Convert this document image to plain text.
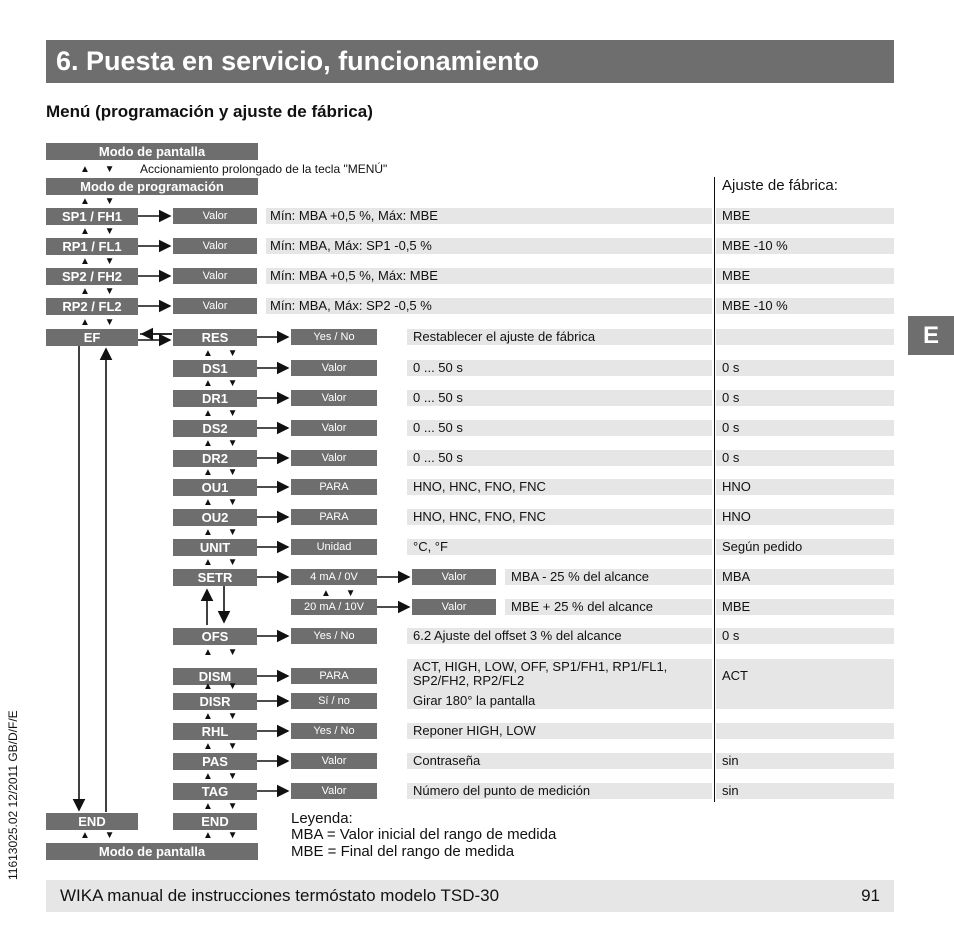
6. Puesta en servicio, funcionamiento
E
Menú (programación y ajuste de fábrica)
Modo de pantalla
▲ ▼ Accionamiento prolongado de la tecla "MENÚ"
Modo de programación	Ajuste de fábrica:
▲ ▼
SP1 / FH1	Valor	Mín: MBA +0,5 %, Máx: MBE	MBE
▲ ▼
RP1 / FL1	Valor	Mín: MBA, Máx: SP1 -0,5 %	MBE -10 %
▲ ▼
SP2 / FH2	Valor	Mín: MBA +0,5 %, Máx: MBE	MBE
▲ ▼
RP2 / FL2	Valor	Mín: MBA, Máx: SP2 -0,5 %	MBE -10 %
▲ ▼
EF	RES	Yes / No	Restablecer el ajuste de fábrica
▲ ▼
DS1	Valor	0 ... 50 s	0 s
▲ ▼
DR1	Valor	0 ... 50 s	0 s
▲ ▼
DS2	Valor	0 ... 50 s	0 s
▲ ▼
DR2	Valor	0 ... 50 s	0 s
▲ ▼
OU1	PARA	HNO, HNC, FNO, FNC	HNO
▲ ▼
OU2	PARA	HNO, HNC, FNO, FNC	HNO
▲ ▼
UNIT	Unidad	°C, °F	Según pedido
▲ ▼
SETR	4 mA / 0V	Valor	MBA - 25 % del alcance	MBA
20 mA / 10V	Valor	MBE + 25 % del alcance	MBE
▲ ▼
OFS	Yes / No	6.2 Ajuste del offset 3 % del alcance	0 s
▲ ▼
DISM	PARA
ACT, HIGH, LOW, OFF, SP1/FH1, RP1/FL1,
SP2/FH2, RP2/FL2	ACT
▲ ▼
DISR	Sí / no	Girar 180° la pantalla
▲ ▼
RHL	Yes / No	Reponer HIGH, LOW
▲ ▼
PAS	Valor	Contraseña	sin
▲ ▼
TAG	Valor	Número del punto de medición	sin
▲ ▼
END
END
▲ ▼	▲ ▼
Modo de pantalla
Leyenda:
MBA = Valor inicial del rango de medida
MBE = Final del rango de medida
11613025.02 12/2011 GB/D/F/E
WIKA manual de instrucciones termóstato modelo TSD-30	91
